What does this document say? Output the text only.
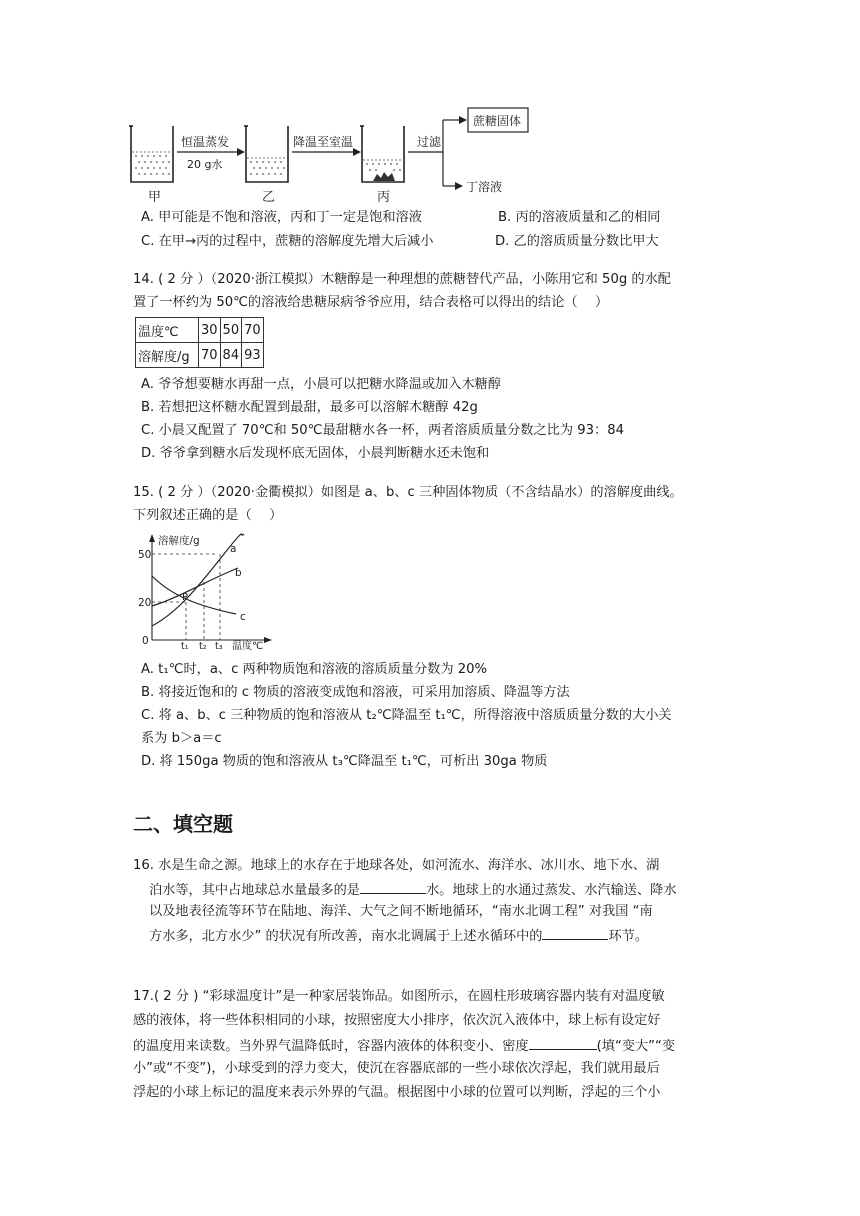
甲
恒温蒸发
20 g水
乙
降温至室温
丙
过滤
蔗糖固体
丁溶液
A. 甲可能是不饱和溶液，丙和丁一定是饱和溶液	B. 丙的溶液质量和乙的相同
C. 在甲→丙的过程中，蔗糖的溶解度先增大后减小	D. 乙的溶质质量分数比甲大
14. ( 2 分 ）（2020·浙江模拟）木糖醇是一种理想的蔗糖替代产品，小陈用它和 50g 的水配
置了一杯约为 50℃的溶液给患糖尿病爷爷应用，结合表格可以得出的结论（　 ）
温度℃	30	50	70
溶解度/g	70	84	93
A. 爷爷想要糖水再甜一点，小晨可以把糖水降温或加入木糖醇
B. 若想把这杯糖水配置到最甜，最多可以溶解木糖醇 42g
C. 小晨又配置了 70℃和 50℃最甜糖水各一杯，两者溶质质量分数之比为 93：84
D. 爷爷拿到糖水后发现杯底无固体，小晨判断糖水还未饱和
15. ( 2 分 ）（2020·金衢模拟）如图是 a、b、c 三种固体物质（不含结晶水）的溶解度曲线。
下列叙述正确的是（　 ）
溶解度/g
温度℃
50
20
0
a
b
c
P
t₁ t₂ t₃
A. t₁℃时，a、c 两种物质饱和溶液的溶质质量分数为 20%
B. 将接近饱和的 c 物质的溶液变成饱和溶液，可采用加溶质、降温等方法
C. 将 a、b、c 三种物质的饱和溶液从 t₂℃降温至 t₁℃，所得溶液中溶质质量分数的大小关
系为 b＞a＝c
D. 将 150ga 物质的饱和溶液从 t₃℃降温至 t₁℃，可析出 30ga 物质
二、填空题
16. 水是生命之源。地球上的水存在于地球各处，如河流水、海洋水、冰川水、地下水、湖
泊水等，其中占地球总水量最多的是	水。地球上的水通过蒸发、水汽输送、降水
以及地表径流等环节在陆地、海洋、大气之间不断地循环，“南水北调工程” 对我国 “南
方水多，北方水少” 的状况有所改善，南水北调属于上述水循环中的	环节。
17.( 2 分 ) “彩球温度计”是一种家居装饰品。如图所示，在圆柱形玻璃容器内装有对温度敏
感的液体，将一些体积相同的小球，按照密度大小排序，依次沉入液体中，球上标有设定好
的温度用来读数。当外界气温降低时，容器内液体的体积变小、密度	(填“变大”“变
小”或“不变”)，小球受到的浮力变大，使沉在容器底部的一些小球依次浮起，我们就用最后
浮起的小球上标记的温度来表示外界的气温。根据图中小球的位置可以判断，浮起的三个小
